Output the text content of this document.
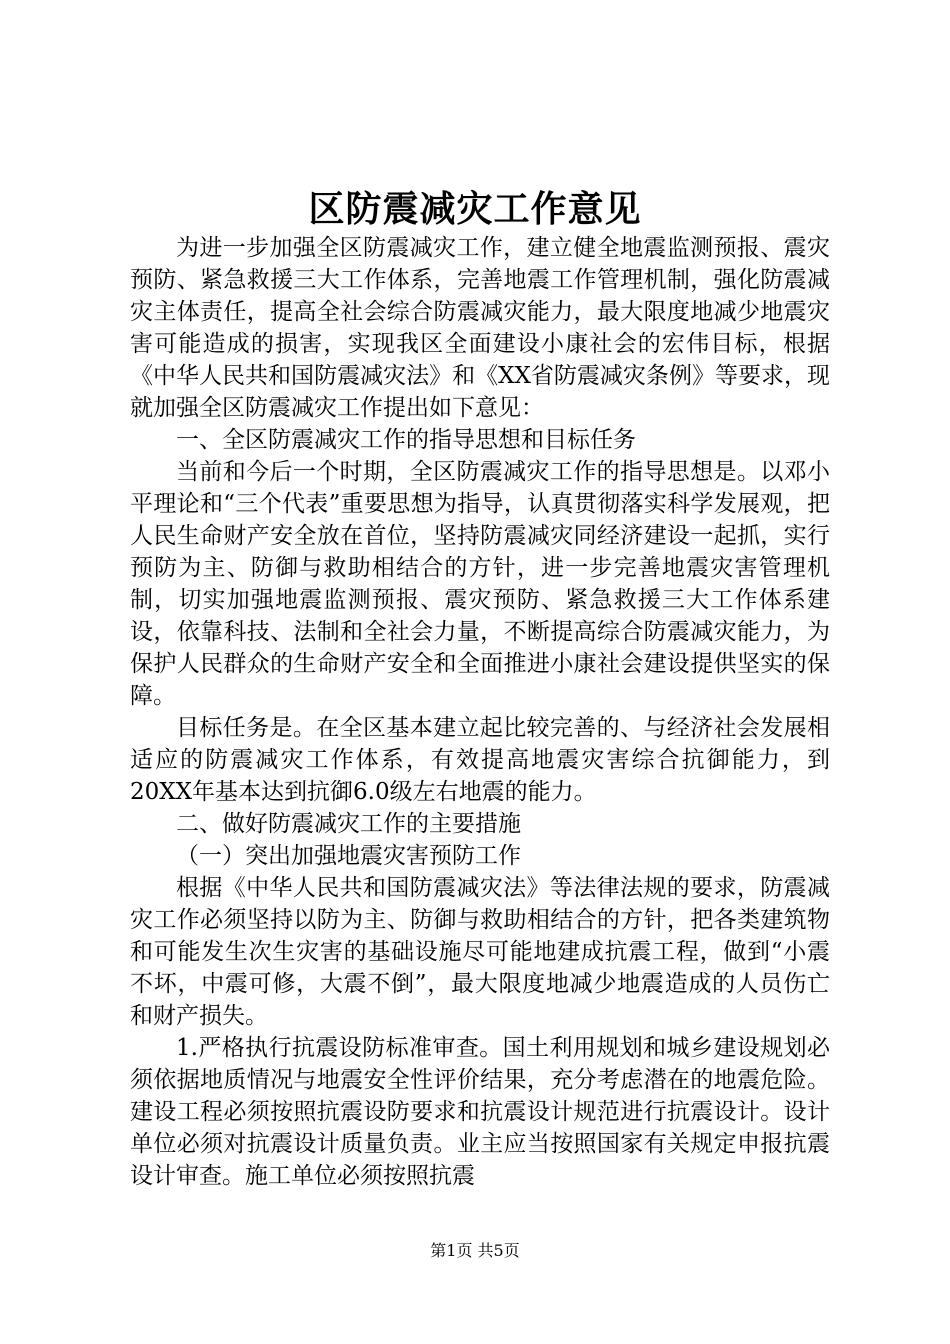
区防震减灾工作意见

为进一步加强全区防震减灾工作，建立健全地震监测预报、震灾预防、紧急救援三大工作体系，完善地震工作管理机制，强化防震减灾主体责任，提高全社会综合防震减灾能力，最大限度地减少地震灾害可能造成的损害，实现我区全面建设小康社会的宏伟目标，根据《中华人民共和国防震减灾法》和《XX省防震减灾条例》等要求，现就加强全区防震减灾工作提出如下意见：

一、全区防震减灾工作的指导思想和目标任务

当前和今后一个时期，全区防震减灾工作的指导思想是。以邓小平理论和“三个代表”重要思想为指导，认真贯彻落实科学发展观，把人民生命财产安全放在首位，坚持防震减灾同经济建设一起抓，实行预防为主、防御与救助相结合的方针，进一步完善地震灾害管理机制，切实加强地震监测预报、震灾预防、紧急救援三大工作体系建设，依靠科技、法制和全社会力量，不断提高综合防震减灾能力，为保护人民群众的生命财产安全和全面推进小康社会建设提供坚实的保障。

目标任务是。在全区基本建立起比较完善的、与经济社会发展相适应的防震减灾工作体系，有效提高地震灾害综合抗御能力，到20XX年基本达到抗御6.0级左右地震的能力。

二、做好防震减灾工作的主要措施

（一）突出加强地震灾害预防工作

根据《中华人民共和国防震减灾法》等法律法规的要求，防震减灾工作必须坚持以防为主、防御与救助相结合的方针，把各类建筑物和可能发生次生灾害的基础设施尽可能地建成抗震工程，做到“小震不坏，中震可修，大震不倒”，最大限度地减少地震造成的人员伤亡和财产损失。

1.严格执行抗震设防标准审查。国土利用规划和城乡建设规划必须依据地质情况与地震安全性评价结果，充分考虑潜在的地震危险。建设工程必须按照抗震设防要求和抗震设计规范进行抗震设计。设计单位必须对抗震设计质量负责。业主应当按照国家有关规定申报抗震设计审查。施工单位必须按照抗震

第1页 共5页
